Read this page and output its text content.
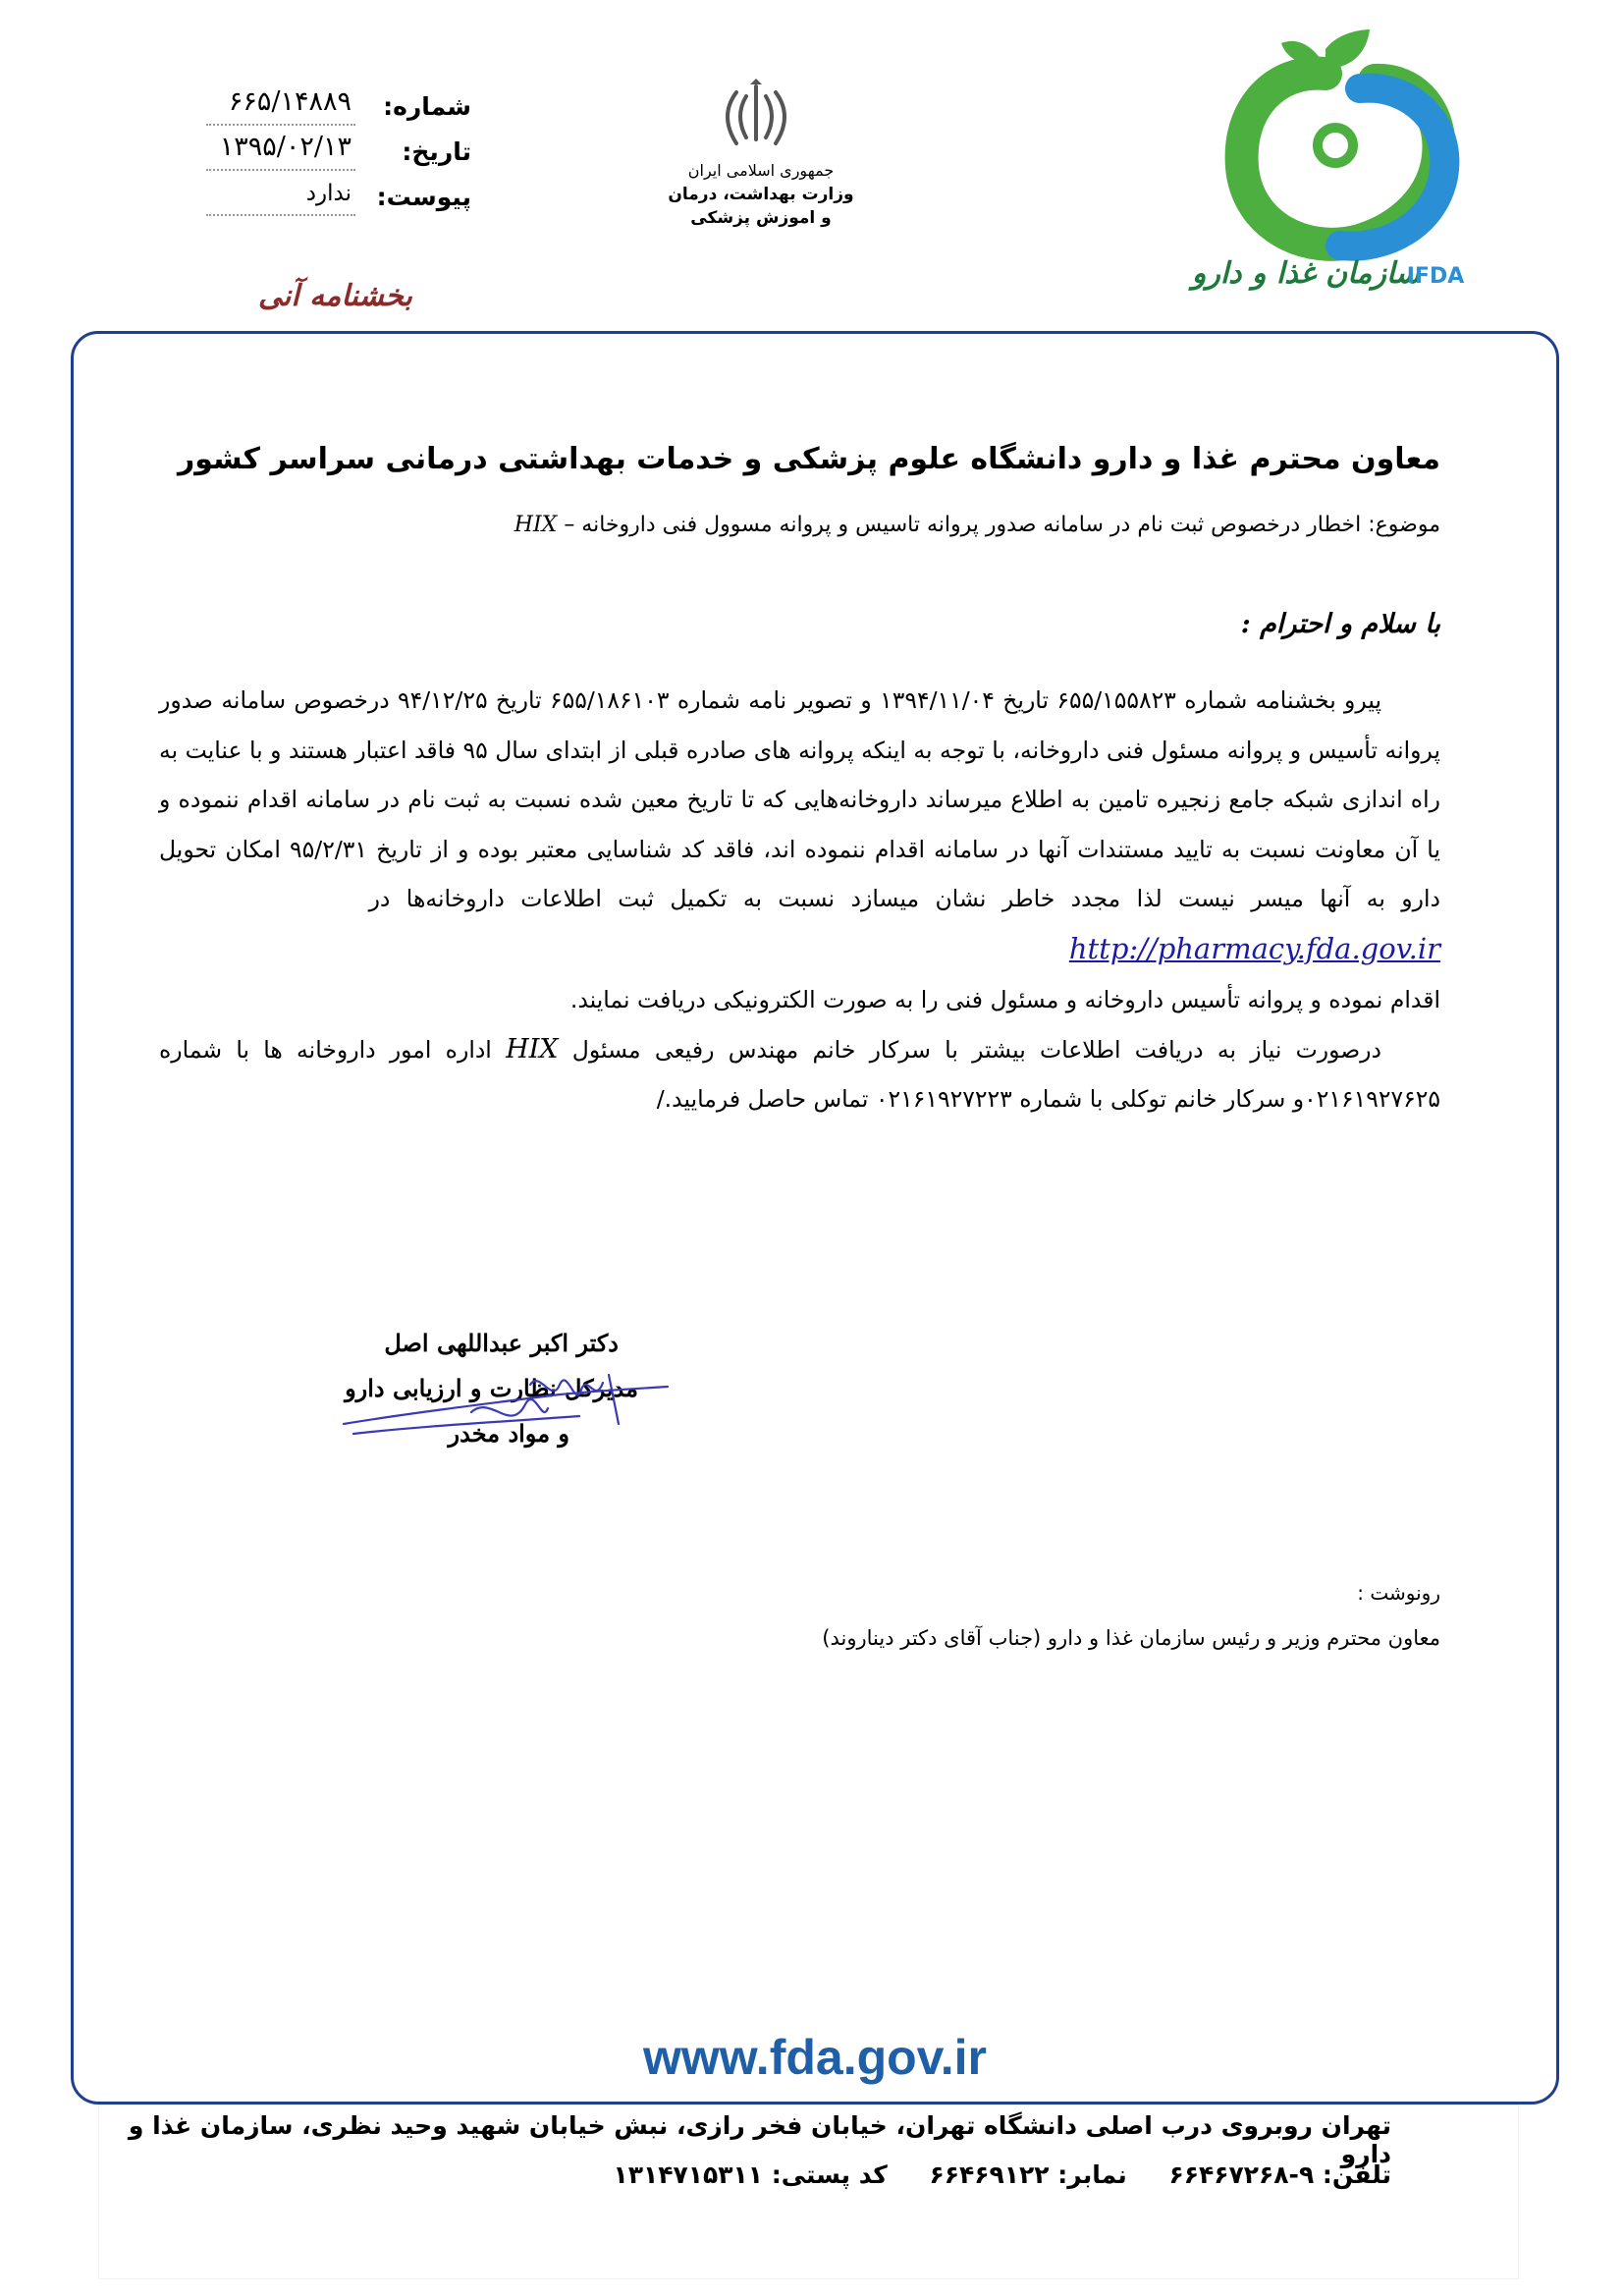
شماره:
۶۶۵/۱۴۸۸۹
تاریخ:
۱۳۹۵/۰۲/۱۳
پیوست:
ندارد
جمهوری اسلامی ایران
وزارت بهداشت، درمان
و اموزش پزشکی
سازمان غذا و دارو
IFDA
بخشنامه آنی
معاون محترم غذا و دارو دانشگاه علوم پزشکی و خدمات بهداشتی درمانی سراسر کشور
موضوع: اخطار درخصوص ثبت نام در سامانه صدور پروانه تاسیس و پروانه مسوول فنی داروخانه – HIX
با سلام و احترام :

پیرو بخشنامه شماره ۶۵۵/۱۵۵۸۲۳ تاریخ ۱۳۹۴/۱۱/۰۴ و تصویر نامه شماره ۶۵۵/۱۸۶۱۰۳ تاریخ ۹۴/۱۲/۲۵ درخصوص سامانه صدور پروانه تأسیس و پروانه مسئول فنی داروخانه، با توجه به اینکه پروانه های صادره قبلی از ابتدای سال ۹۵ فاقد اعتبار هستند و با عنایت به راه اندازی شبکه جامع زنجیره تامین به اطلاع میرساند داروخانه‌هایی که تا تاریخ معین شده نسبت به ثبت نام در سامانه اقدام ننموده و یا آن معاونت نسبت به تایید مستندات آنها در سامانه اقدام ننموده اند، فاقد کد شناسایی معتبر بوده و از تاریخ ۹۵/۲/۳۱ امکان تحویل دارو به آنها میسر نیست لذا مجدد خاطر نشان میسازد نسبت به تکمیل ثبت اطلاعات داروخانه‌ها در              http://pharmacy.fda.gov.ir

اقدام نموده و پروانه تأسیس داروخانه و مسئول فنی را به صورت الکترونیکی دریافت نمایند.

درصورت نیاز به دریافت اطلاعات بیشتر با سرکار خانم مهندس رفیعی مسئول HIX اداره امور داروخانه ها با شماره ۰۲۱۶۱۹۲۷۶۲۵و سرکار خانم توکلی با شماره ۰۲۱۶۱۹۲۷۲۲۳ تماس حاصل فرمایید./

دکتر اکبر عبداللهی اصل
مدیرکل نظارت و ارزیابی دارو
و مواد مخدر
رونوشت :
معاون محترم وزیر و رئیس سازمان غذا و دارو (جناب آقای دکتر دیناروند)
www.fda.gov.ir
تهران روبروی درب اصلی دانشگاه تهران، خیابان فخر رازی، نبش خیابان شهید وحید نظری، سازمان غذا و دارو
تلفن: ۹-۶۶۴۶۷۲۶۸ نمابر: ۶۶۴۶۹۱۲۲ کد پستی: ۱۳۱۴۷۱۵۳۱۱
